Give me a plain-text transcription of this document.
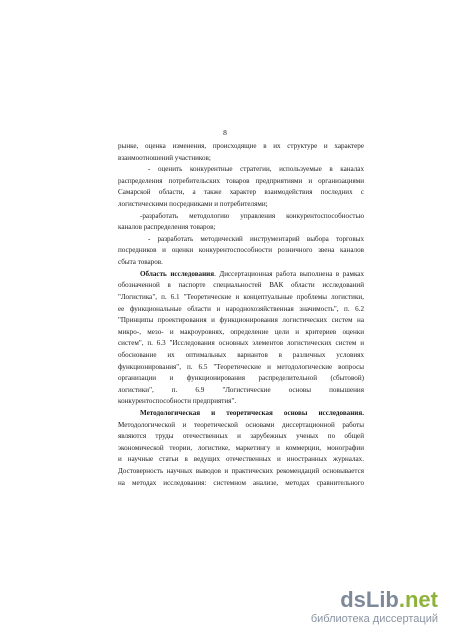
8
рынке, оценка изменения, происходящие в их структуре и характере
взаимоотношений участников;
- оценить конкурентные стратегии, используемые в каналах
распределения потребительских товаров предприятиями и организациями
Самарской области, а также характер взаимодействия последних с
логистическими посредниками и потребителями;
-разработать методологию управления конкурентоспособностью
каналов распределения товаров;
- разработать методический инструментарий выбора торговых
посредников и оценки конкурентоспособности розничного звена каналов
сбыта товаров.
Область исследования. Диссертационная работа выполнена в рамках
обозначенной в паспорте специальностей ВАК области исследований
"Логистика", п. 6.1 "Теоретические и концептуальные проблемы логистики,
ее функциональные области и народнохозяйственная значимость", п. 6.2
"Принципы проектирования и функционирования логистических систем на
микро-, мезо- и макроуровнях, определение цели и критериев оценки
систем", п. 6.3 "Исследования основных элементов логистических систем и
обоснование их оптимальных вариантов в различных условиях
функционирования", п. 6.5 "Теоретические и методологические вопросы
организации и функционирования распределительной (сбытовой)
логистики", п. 6.9 "Логистические основы повышения
конкурентоспособности предприятия".
Методологическая и теоретическая основы исследования.
Методологической и теоретической основами диссертационной работы
являются труды отечественных и зарубежных ученых по общей
экономической теории, логистике, маркетингу и коммерции, монографии
и научные статьи в ведущих отечественных и иностранных журналах.
Достоверность научных выводов и практических рекомендаций основывается
на методах исследования: системном анализе, методах сравнительного
dsLib.net
библиотека диссертаций
